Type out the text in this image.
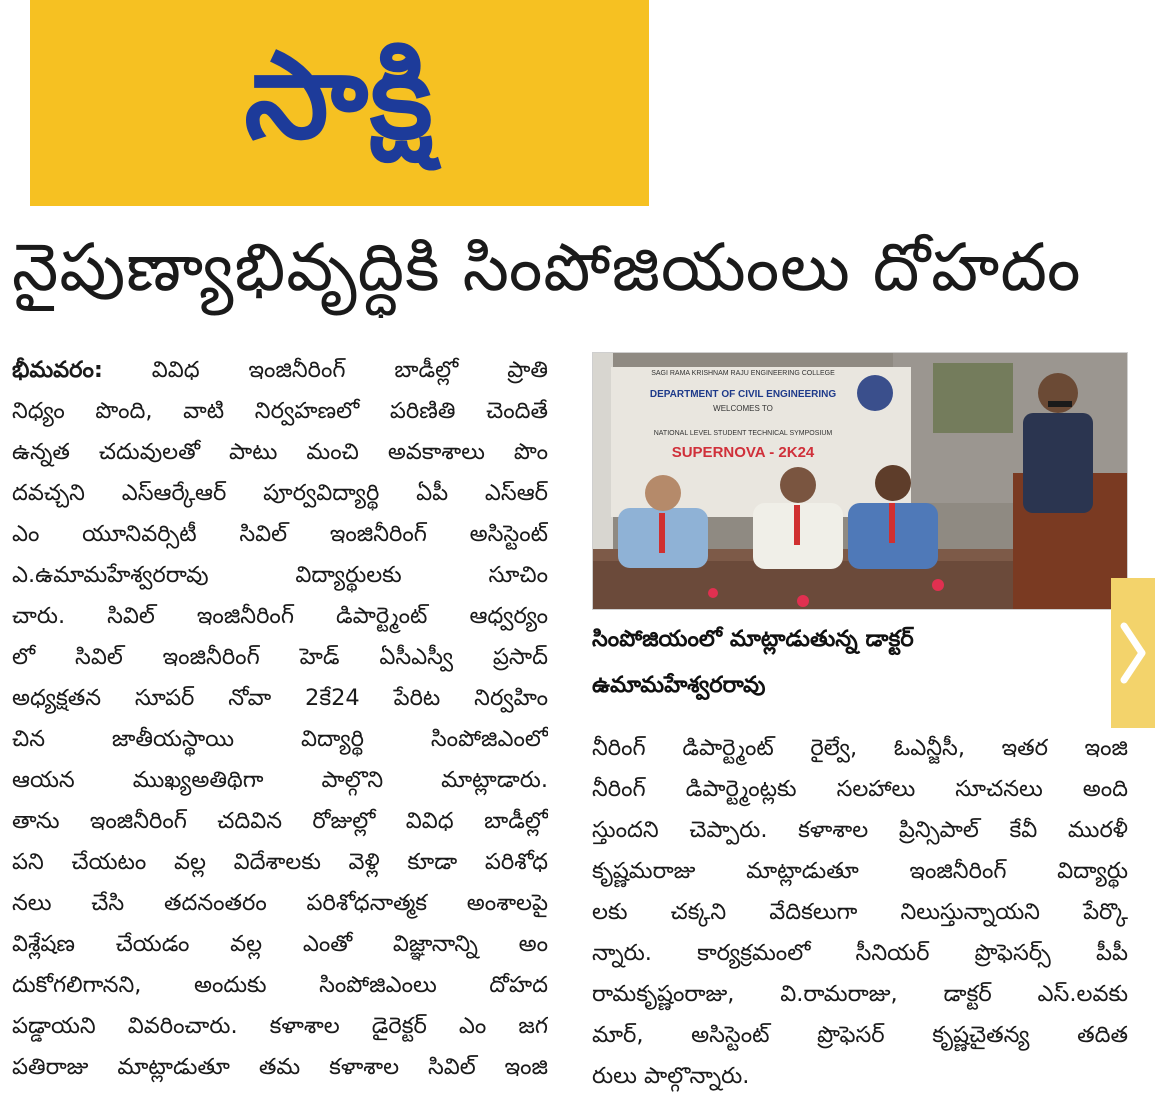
సాక్షి
నైపుణ్యాభివృద్ధికి సింపోజియంలు దోహదం
భీమవరం: వివిధ ఇంజినీరింగ్ బాడీల్లో ప్రాతి
నిధ్యం పొంది, వాటి నిర్వహణలో పరిణితి చెందితే
ఉన్నత చదువులతో పాటు మంచి అవకాశాలు పొం
దవచ్చని ఎస్ఆర్కేఆర్ పూర్వవిద్యార్థి ఏపీ ఎస్ఆర్
ఎం యూనివర్సిటీ సివిల్ ఇంజినీరింగ్ అసిస్టెంట్
ఎ.ఉమామహేశ్వరరావు విద్యార్థులకు సూచిం
చారు. సివిల్ ఇంజినీరింగ్ డిపార్ట్మెంట్ ఆధ్వర్యం
లో సివిల్ ఇంజినీరింగ్ హెడ్ ఏసీఎస్వీ ప్రసాద్
అధ్యక్షతన సూపర్ నోవా 2కే24 పేరిట నిర్వహిం
చిన జాతీయస్థాయి విద్యార్థి సింపోజిఎంలో
ఆయన ముఖ్యఅతిథిగా పాల్గొని మాట్లాడారు.
తాను ఇంజినీరింగ్ చదివిన రోజుల్లో వివిధ బాడీల్లో
పని చేయటం వల్ల విదేశాలకు వెళ్లి కూడా పరిశోధ
నలు చేసి తదనంతరం పరిశోధనాత్మక అంశాలపై
విశ్లేషణ చేయడం వల్ల ఎంతో విజ్ఞానాన్ని అం
దుకోగలిగానని, అందుకు సింపోజిఎంలు దోహద
పడ్డాయని వివరించారు. కళాశాల డైరెక్టర్ ఎం జగ
పతిరాజు మాట్లాడుతూ తమ కళాశాల సివిల్ ఇంజి
SAGI RAMA KRISHNAM RAJU ENGINEERING COLLEGE
DEPARTMENT OF CIVIL ENGINEERING
WELCOMES TO
NATIONAL LEVEL STUDENT TECHNICAL SYMPOSIUM
SUPERNOVA - 2K24
సింపోజియంలో మాట్లాడుతున్న డాక్టర్
ఉమామహేశ్వరరావు
నీరింగ్ డిపార్ట్మెంట్ రైల్వే, ఓఎన్జీసీ, ఇతర ఇంజి
నీరింగ్ డిపార్ట్మెంట్లకు సలహాలు సూచనలు అంది
స్తుందని చెప్పారు. కళాశాల ప్రిన్సిపాల్ కేవీ మురళీ
కృష్ణమరాజు మాట్లాడుతూ ఇంజినీరింగ్ విద్యార్థు
లకు చక్కని వేదికలుగా నిలుస్తున్నాయని పేర్కొ
న్నారు. కార్యక్రమంలో సీనియర్ ప్రొఫెసర్స్ పీపీ
రామకృష్ణంరాజు, వి.రామరాజు, డాక్టర్ ఎస్.లవకు
మార్, అసిస్టెంట్ ప్రొఫెసర్ కృష్ణచైతన్య తదిత
రులు పాల్గొన్నారు.
